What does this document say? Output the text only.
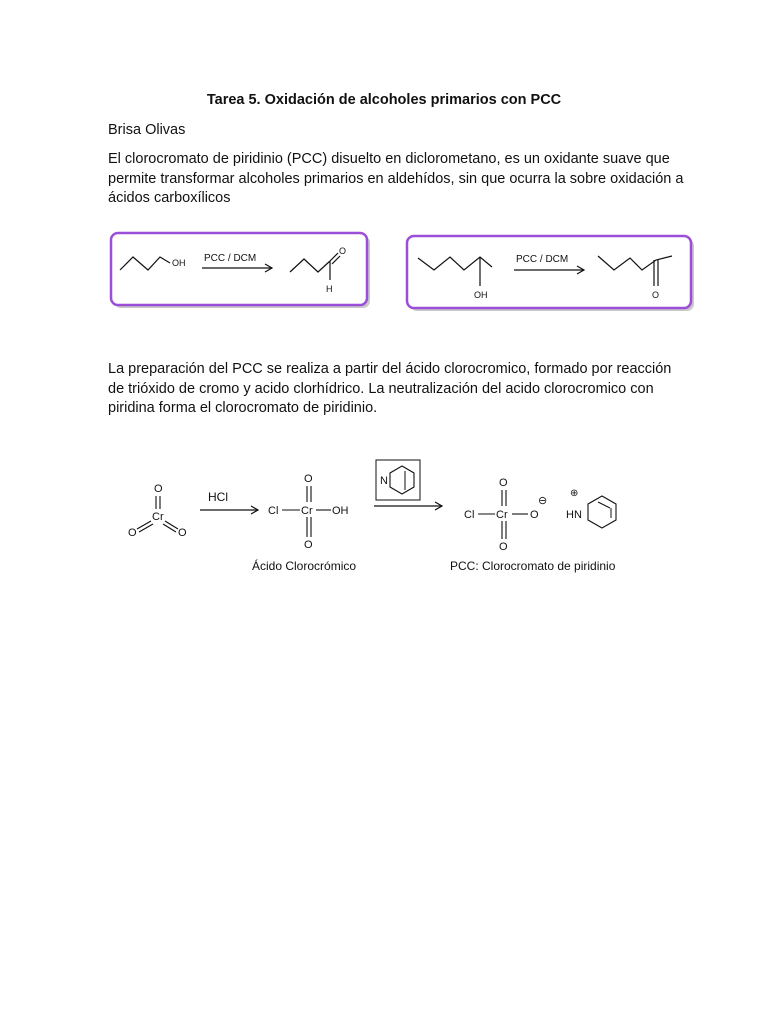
Tarea 5. Oxidación de alcoholes primarios con PCC
Brisa Olivas
El clorocromato de piridinio (PCC) disuelto en diclorometano, es un oxidante suave que permite transformar alcoholes primarios en aldehídos, sin que ocurra la sobre oxidación a ácidos carboxílicos
OH PCC / DCM
O
H
OH
PCC / DCM
O
La preparación del PCC se realiza a partir del ácido clorocromico, formado por reacción de trióxido de cromo y acido clorhídrico. La neutralización del acido clorocromico con piridina forma el clorocromato de piridinio.
O
Cr
O	O
HCl
O
Cl Cr OH
O
N	O
Cl Cr O
⊖
O
⊕
HN
Ácido Clorocrómico	PCC: Clorocromato de piridinio
